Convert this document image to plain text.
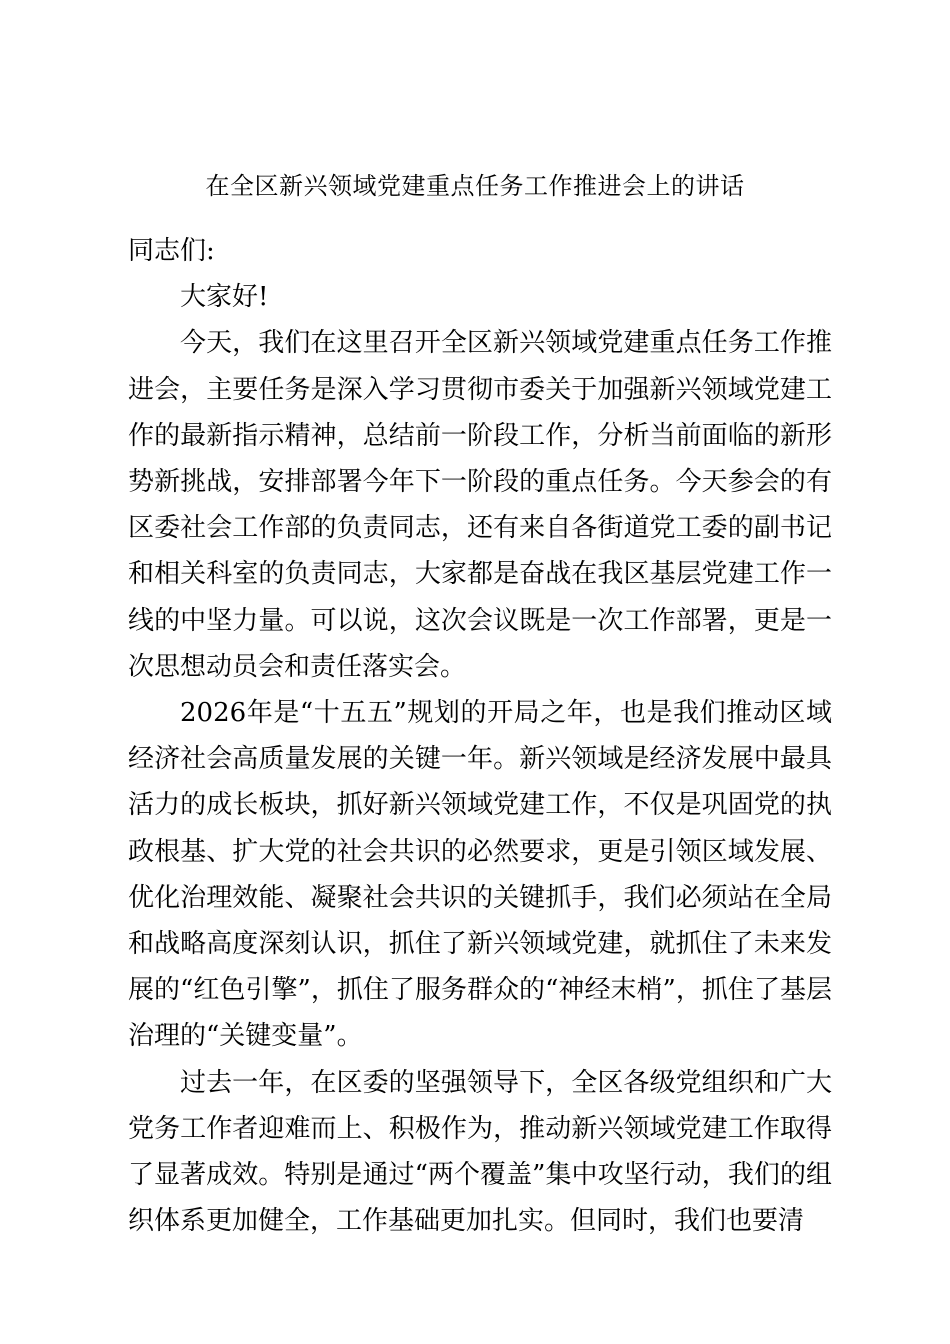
在全区新兴领域党建重点任务工作推进会上的讲话

同志们:

大家好!

今天，我们在这里召开全区新兴领域党建重点任务工作推进会，主要任务是深入学习贯彻市委关于加强新兴领域党建工作的最新指示精神，总结前一阶段工作，分析当前面临的新形势新挑战，安排部署今年下一阶段的重点任务。今天参会的有区委社会工作部的负责同志，还有来自各街道党工委的副书记和相关科室的负责同志，大家都是奋战在我区基层党建工作一线的中坚力量。可以说，这次会议既是一次工作部署，更是一次思想动员会和责任落实会。

2026年是“十五五”规划的开局之年，也是我们推动区域经济社会高质量发展的关键一年。新兴领域是经济发展中最具活力的成长板块，抓好新兴领域党建工作，不仅是巩固党的执政根基、扩大党的社会共识的必然要求，更是引领区域发展、优化治理效能、凝聚社会共识的关键抓手，我们必须站在全局和战略高度深刻认识，抓住了新兴领域党建，就抓住了未来发展的“红色引擎”，抓住了服务群众的“神经末梢”，抓住了基层治理的“关键变量”。

过去一年，在区委的坚强领导下，全区各级党组织和广大党务工作者迎难而上、积极作为，推动新兴领域党建工作取得了显著成效。特别是通过“两个覆盖”集中攻坚行动，我们的组织体系更加健全，工作基础更加扎实。但同时，我们也要清
